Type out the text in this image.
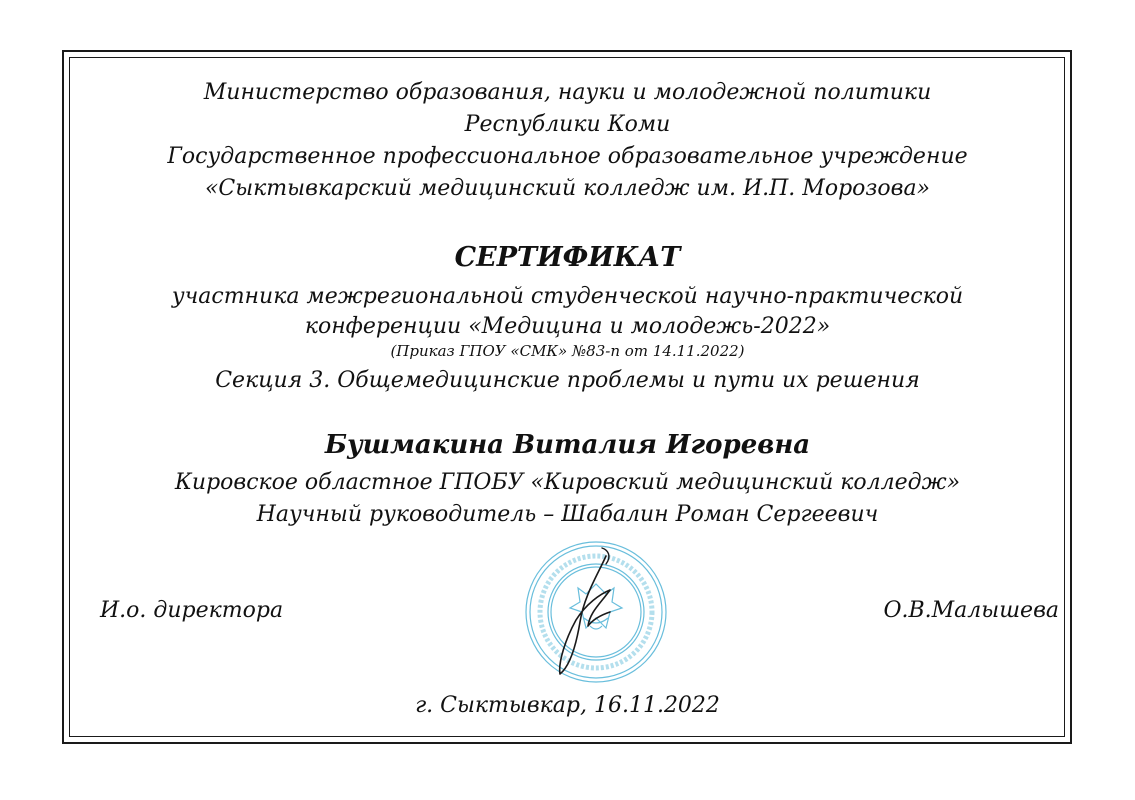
Министерство образования, науки и молодежной политики
Республики Коми
Государственное профессиональное образовательное учреждение
«Сыктывкарский медицинский колледж им. И.П. Морозова»
СЕРТИФИКАТ
участника межрегиональной студенческой научно-практической
конференции «Медицина и молодежь-2022»
(Приказ ГПОУ «СМК» №83-п от 14.11.2022)
Секция 3. Общемедицинские проблемы и пути их решения
Бушмакина Виталия Игоревна
Кировское областное ГПОБУ «Кировский медицинский колледж»
Научный руководитель – Шабалин Роман Сергеевич
И.о. директора	О.В.Малышева
г. Сыктывкар, 16.11.2022
